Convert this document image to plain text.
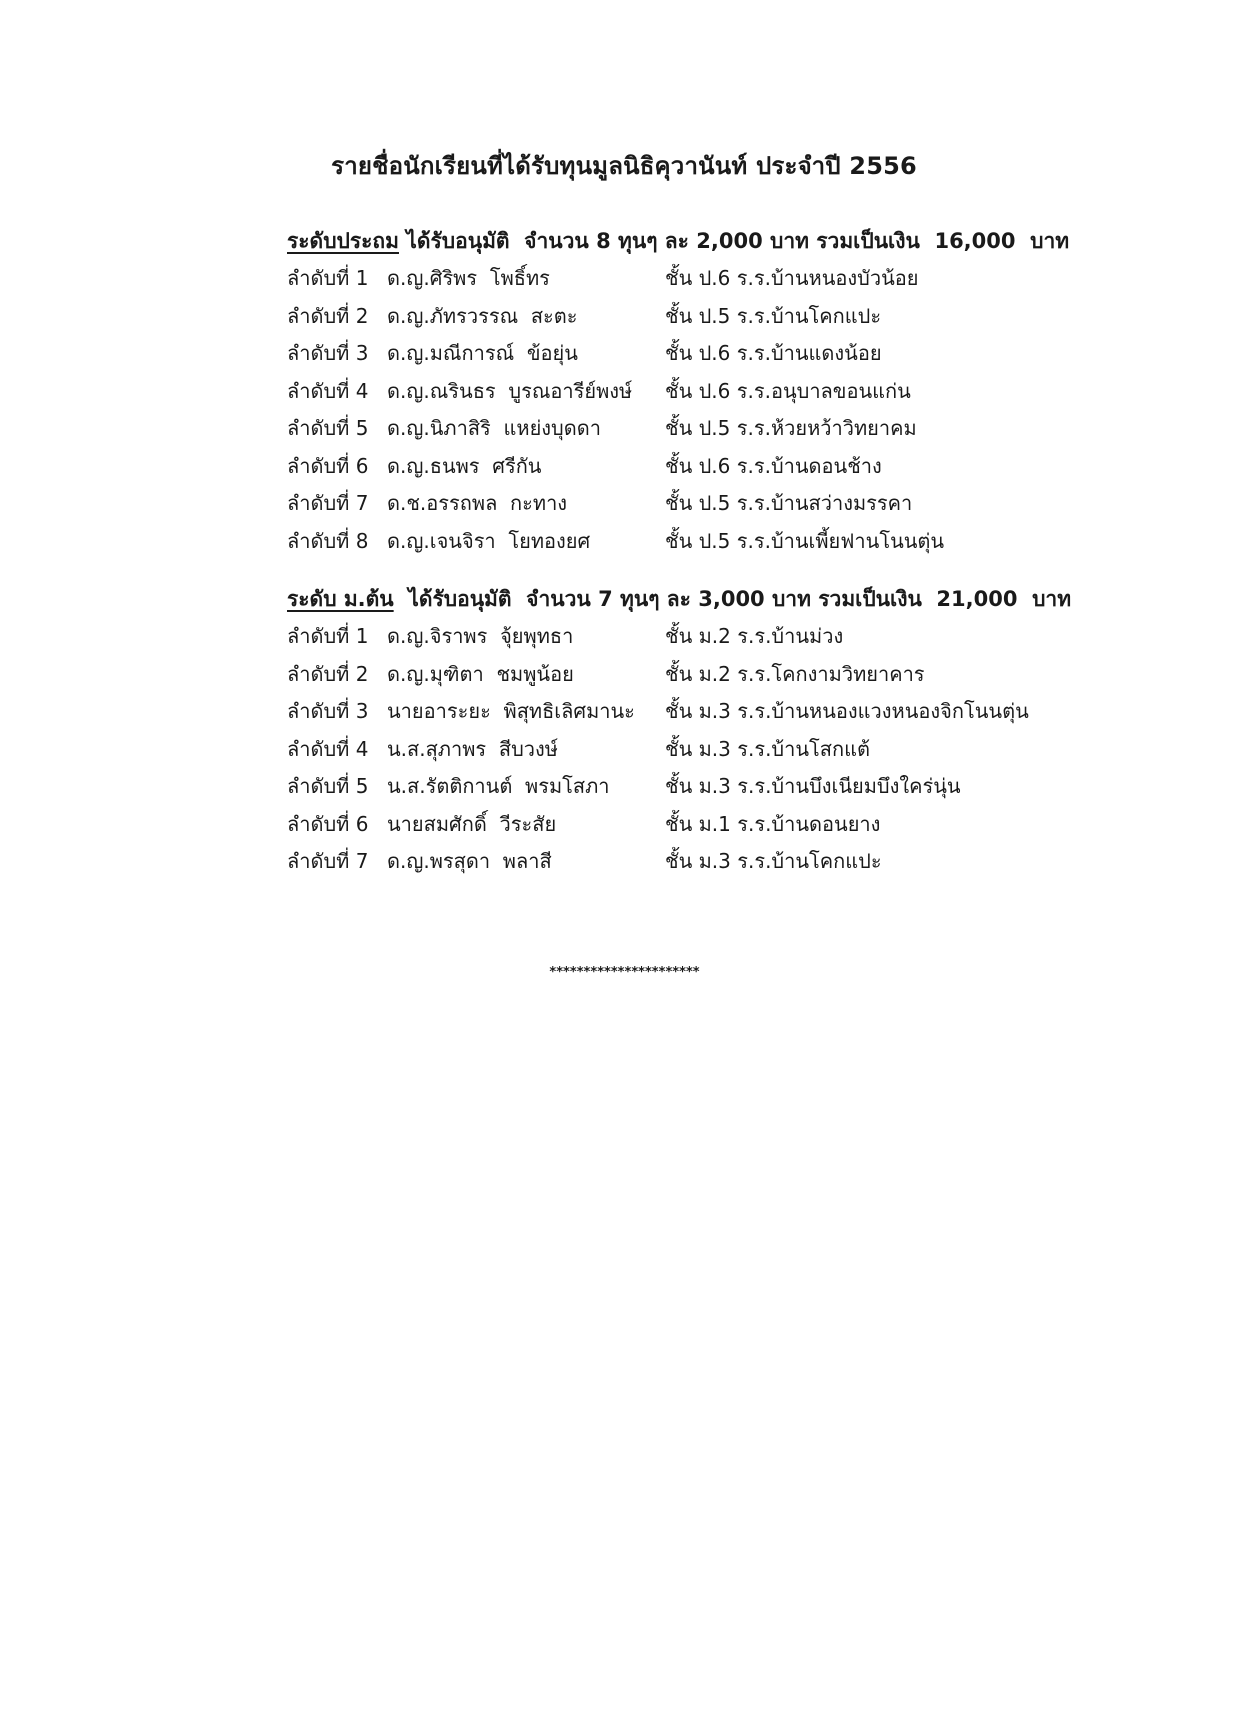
รายชื่อนักเรียนที่ได้รับทุนมูลนิธิคุวานันท์ ประจำปี 2556
ระดับประถม ได้รับอนุมัติ  จำนวน 8 ทุนๆ ละ 2,000 บาท รวมเป็นเงิน  16,000  บาท
ลำดับที่ 1 ด.ญ.ศิริพร  โพธิ์ทร	ชั้น ป.6 ร.ร.บ้านหนองบัวน้อย
ลำดับที่ 2 ด.ญ.ภัทรวรรณ  สะตะ	ชั้น ป.5 ร.ร.บ้านโคกแปะ
ลำดับที่ 3 ด.ญ.มณีการณ์  ข้อยุ่น	ชั้น ป.6 ร.ร.บ้านแดงน้อย
ลำดับที่ 4 ด.ญ.ณรินธร  บูรณอารีย์พงษ์ ชั้น ป.6 ร.ร.อนุบาลขอนแก่น
ลำดับที่ 5 ด.ญ.นิภาสิริ  แหย่งบุดดา	ชั้น ป.5 ร.ร.ห้วยหว้าวิทยาคม
ลำดับที่ 6 ด.ญ.ธนพร  ศรีกัน	ชั้น ป.6 ร.ร.บ้านดอนช้าง
ลำดับที่ 7 ด.ช.อรรถพล  กะทาง	ชั้น ป.5 ร.ร.บ้านสว่างมรรคา
ลำดับที่ 8 ด.ญ.เจนจิรา  โยทองยศ	ชั้น ป.5 ร.ร.บ้านเพี้ยฟานโนนตุ่น
ระดับ ม.ต้น  ได้รับอนุมัติ  จำนวน 7 ทุนๆ ละ 3,000 บาท รวมเป็นเงิน  21,000  บาท
ลำดับที่ 1 ด.ญ.จิราพร  จุ้ยพุทธา	ชั้น ม.2 ร.ร.บ้านม่วง
ลำดับที่ 2 ด.ญ.มุฑิตา  ชมพูน้อย	ชั้น ม.2 ร.ร.โคกงามวิทยาคาร
ลำดับที่ 3 นายอาระยะ  พิสุทธิเลิศมานะ ชั้น ม.3 ร.ร.บ้านหนองแวงหนองจิกโนนตุ่น
ลำดับที่ 4 น.ส.สุภาพร  สีบวงษ์	ชั้น ม.3 ร.ร.บ้านโสกแต้
ลำดับที่ 5 น.ส.รัตติกานต์  พรมโสภา	ชั้น ม.3 ร.ร.บ้านบึงเนียมบึงใคร่นุ่น
ลำดับที่ 6 นายสมศักดิ์  วีระสัย	ชั้น ม.1 ร.ร.บ้านดอนยาง
ลำดับที่ 7 ด.ญ.พรสุดา  พลาสี	ชั้น ม.3 ร.ร.บ้านโคกแปะ
**********************
